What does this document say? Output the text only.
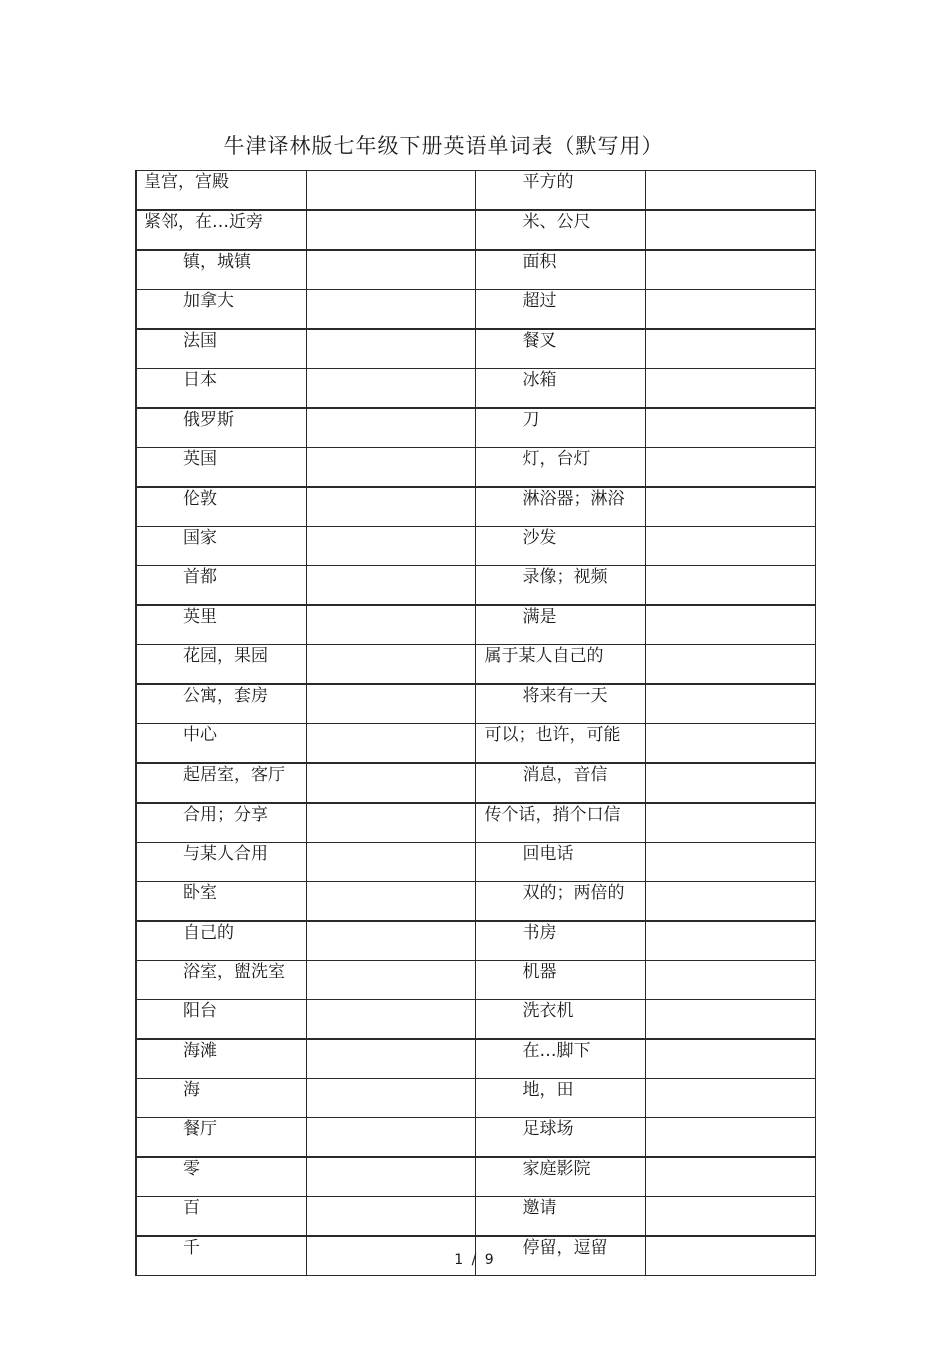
牛津译林版七年级下册英语单词表（默写用）
皇宫，宫殿		平方的	
紧邻，在…近旁		米、公尺	
镇，城镇		面积	
加拿大		超过	
法国		餐叉	
日本		冰箱	
俄罗斯		刀	
英国		灯，台灯	
伦敦		淋浴器；淋浴	
国家		沙发	
首都		录像；视频	
英里		满是	
花园，果园		属于某人自己的	
公寓，套房		将来有一天	
中心		可以；也许，可能	
起居室，客厅		消息，音信	
合用；分享		传个话，捎个口信	
与某人合用		回电话	
卧室		双的；两倍的	
自己的		书房	
浴室，盥洗室		机器	
阳台		洗衣机	
海滩		在…脚下	
海		地，田	
餐厅		足球场	
零		家庭影院	
百		邀请	
千		停留，逗留	
1 / 9
